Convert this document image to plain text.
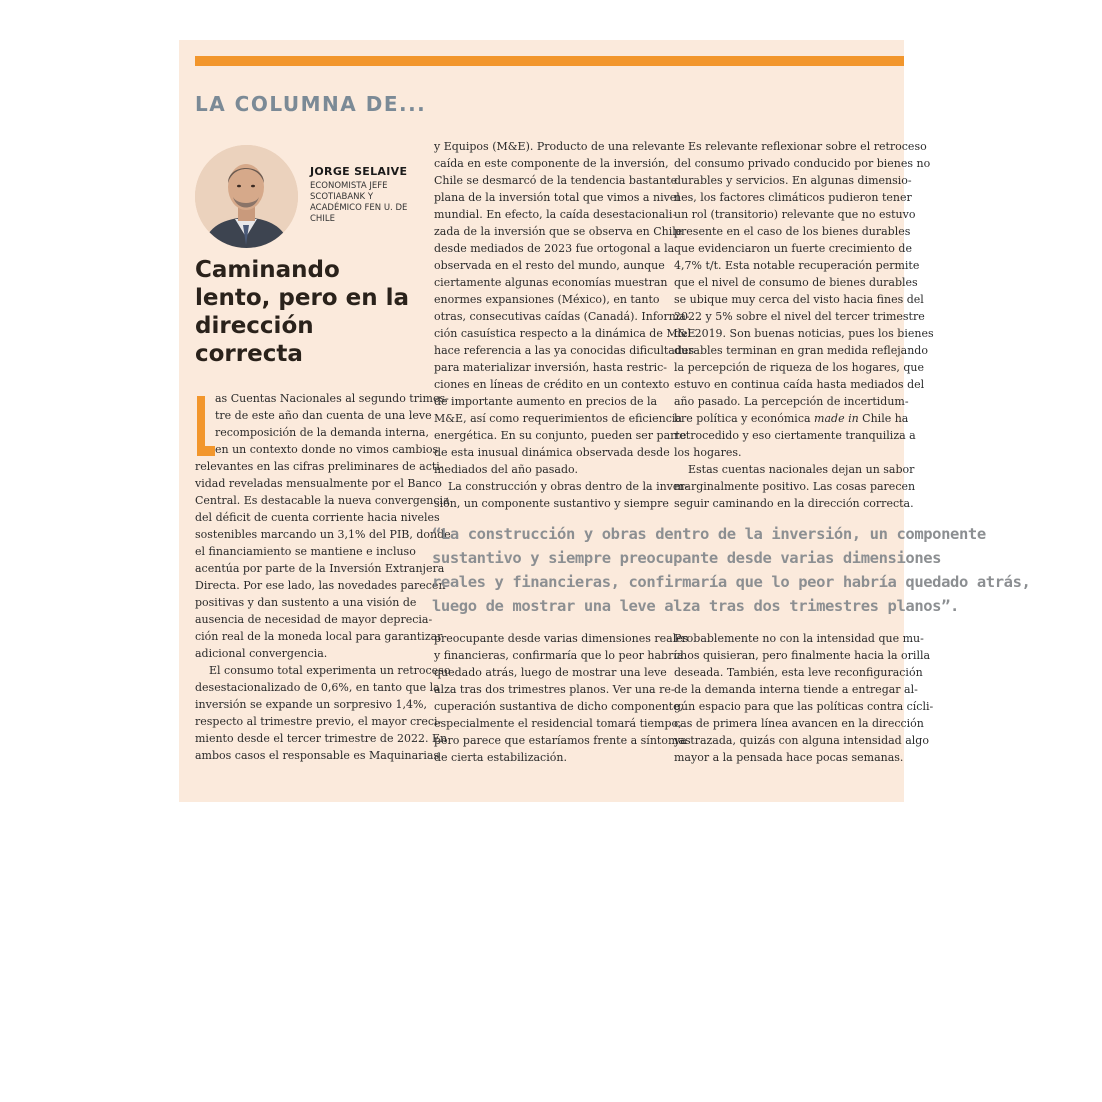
LA COLUMNA DE...
JORGE SELAIVE
ECONOMISTA JEFE SCOTIABANK Y ACADÉMICO FEN U. DE CHILE
Caminando lento, pero en la dirección correcta

as Cuentas Nacionales al segundo trimes-
tre de este año dan cuenta de una leve
recomposición de la demanda interna,
en un contexto donde no vimos cambios
relevantes en las cifras preliminares de acti-
vidad reveladas mensualmente por el Banco
Central. Es destacable la nueva convergencia
del déficit de cuenta corriente hacia niveles
sostenibles marcando un 3,1% del PIB, donde
el financiamiento se mantiene e incluso
acentúa por parte de la Inversión Extranjera
Directa. Por ese lado, las novedades parecen
positivas y dan sustento a una visión de
ausencia de necesidad de mayor deprecia-
ción real de la moneda local para garantizar
adicional convergencia.

El consumo total experimenta un retroceso
desestacionalizado de 0,6%, en tanto que la
inversión se expande un sorpresivo 1,4%,
respecto al trimestre previo, el mayor creci-
miento desde el tercer trimestre de 2022. En
ambos casos el responsable es Maquinarias

y Equipos (M&E). Producto de una relevante
caída en este componente de la inversión,
Chile se desmarcó de la tendencia bastante
plana de la inversión total que vimos a nivel
mundial. En efecto, la caída desestacionali-
zada de la inversión que se observa en Chile
desde mediados de 2023 fue ortogonal a la
observada en el resto del mundo, aunque
ciertamente algunas economías muestran
enormes expansiones (México), en tanto
otras, consecutivas caídas (Canadá). Informa-
ción casuística respecto a la dinámica de M&E
hace referencia a las ya conocidas dificultades
para materializar inversión, hasta restric-
ciones en líneas de crédito en un contexto
de importante aumento en precios de la
M&E, así como requerimientos de eficiencia
energética. En su conjunto, pueden ser parte
de esta inusual dinámica observada desde
mediados del año pasado.

La construcción y obras dentro de la inver-
sión, un componente sustantivo y siempre

Es relevante reflexionar sobre el retroceso
del consumo privado conducido por bienes no
durables y servicios. En algunas dimensio-
nes, los factores climáticos pudieron tener
un rol (transitorio) relevante que no estuvo
presente en el caso de los bienes durables
que evidenciaron un fuerte crecimiento de
4,7% t/t. Esta notable recuperación permite
que el nivel de consumo de bienes durables
se ubique muy cerca del visto hacia fines del
2022 y 5% sobre el nivel del tercer trimestre
del 2019. Son buenas noticias, pues los bienes
durables terminan en gran medida reflejando
la percepción de riqueza de los hogares, que
estuvo en continua caída hasta mediados del
año pasado. La percepción de incertidum-
bre política y económica made in Chile ha
retrocedido y eso ciertamente tranquiliza a
los hogares.

Estas cuentas nacionales dejan un sabor
marginalmente positivo. Las cosas parecen
seguir caminando en la dirección correcta.

“La construcción y obras dentro de la inversión, un componente
sustantivo y siempre preocupante desde varias dimensiones
reales y financieras, confirmaría que lo peor habría quedado atrás,
luego de mostrar una leve alza tras dos trimestres planos”.
preocupante desde varias dimensiones reales
y financieras, confirmaría que lo peor habría
quedado atrás, luego de mostrar una leve
alza tras dos trimestres planos. Ver una re-
cuperación sustantiva de dicho componente,
especialmente el residencial tomará tiempo,
pero parece que estaríamos frente a síntomas
de cierta estabilización.
Probablemente no con la intensidad que mu-
chos quisieran, pero finalmente hacia la orilla
deseada. También, esta leve reconfiguración
de la demanda interna tiende a entregar al-
gún espacio para que las políticas contra cícli-
cas de primera línea avancen en la dirección
ya trazada, quizás con alguna intensidad algo
mayor a la pensada hace pocas semanas.
